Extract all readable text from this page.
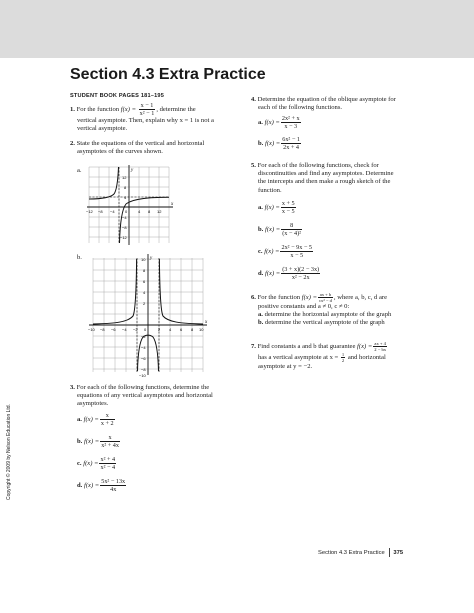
Section 4.3 Extra Practice
STUDENT BOOK PAGES 181–195
Copyright © 2009 by Nelson Education Ltd.
1. For the function $f(x) = \frac{x - 1}{\text{x² − 1}}$ , determine the
vertical asymptote. Then, explain why x = 1 is not a
vertical asymptote.
2. State the equations of the vertical and horizontal
asymptotes of the curves shown.
a.
b.
y
x
−12 −8 −4	0	4 8 12
12
8
4
−4
−8
−12
y
x
−10 −8 −6 −4 −2 0	2 4 6 8 10
10
8
6
4
2
−2
−4
−6
−8
−10
3. For each of the following functions, determine the
equations of any vertical asymptotes and horizontal
asymptotes.
a. $f(x) = \frac{x}{x + 2}$
b. $f(x) = \frac{x}{\text{x² + 4x}}$
c. $f(x) = \frac{\text{x² + 4}}{\text{x² − 4}}$
d. $f(x) = \frac{\text{5x² − 13x}}{4x}$
4. Determine the equation of the oblique asymptote for
each of the following functions.
a. $f(x) = \frac{\text{2x² + x}}{x - 3}$
b. $f(x) = \frac{\text{6x² − 1}}{2x + 4}$
5. For each of the following functions, check for
discontinuities and find any asymptotes. Determine
the intercepts and then make a rough sketch of the
function.
a. $f(x) = \frac{x + 5}{x - 5}$
b. $f(x) = \frac{8}{\text{(x − 4)²}}$
c. $f(x) = \frac{\text{2x² − 9x − 5}}{x - 5}$
d. $f(x) = \frac{(3 + x)(2 - 3x)}{\text{x² − 2x}}$
6. For the function $f(x) = \frac{ax + b}{\text{cx² − d}}$ , where a, b, c, d are
positive constants and a ≠ 0, c ≠ 0:
a. determine the horizontal asymptote of the graph
b. determine the vertical asymptote of the graph
7. Find constants a and b that guarantee $f(x) = \frac{ax + 4}{2 - bx}$
has a vertical asymptote at $x = \frac{1}{2}$ and horizontal
asymptote at y = −2.
Section 4.3 Extra Practice 375
